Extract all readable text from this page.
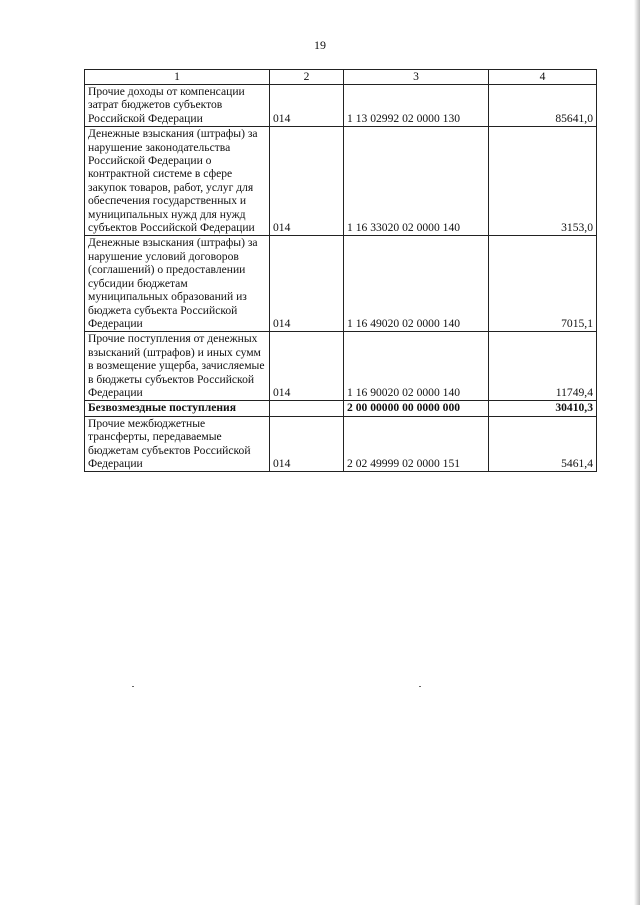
19
1	2	3	4
Прочие доходы от компенсации затрат бюджетов субъектов Российской Федерации	014	1 13 02992 02 0000 130	85641,0
Денежные взыскания (штрафы) за нарушение законодательства Российской Федерации о контрактной системе в сфере закупок товаров, работ, услуг для обеспечения государственных и муниципальных нужд для нужд субъектов Российской Федерации	014	1 16 33020 02 0000 140	3153,0
Денежные взыскания (штрафы) за нарушение условий договоров (соглашений) о предоставлении субсидии бюджетам муниципальных образований из бюджета субъекта Российской Федерации	014	1 16 49020 02 0000 140	7015,1
Прочие поступления от денежных взысканий (штрафов) и иных сумм в возмещение ущерба, зачисляемые в бюджеты субъектов Российской Федерации	014	1 16 90020 02 0000 140	11749,4
Безвозмездные поступления		2 00 00000 00 0000 000	30410,3
Прочие межбюджетные трансферты, передаваемые бюджетам субъектов Российской Федерации	014	2 02 49999 02 0000 151	5461,4
